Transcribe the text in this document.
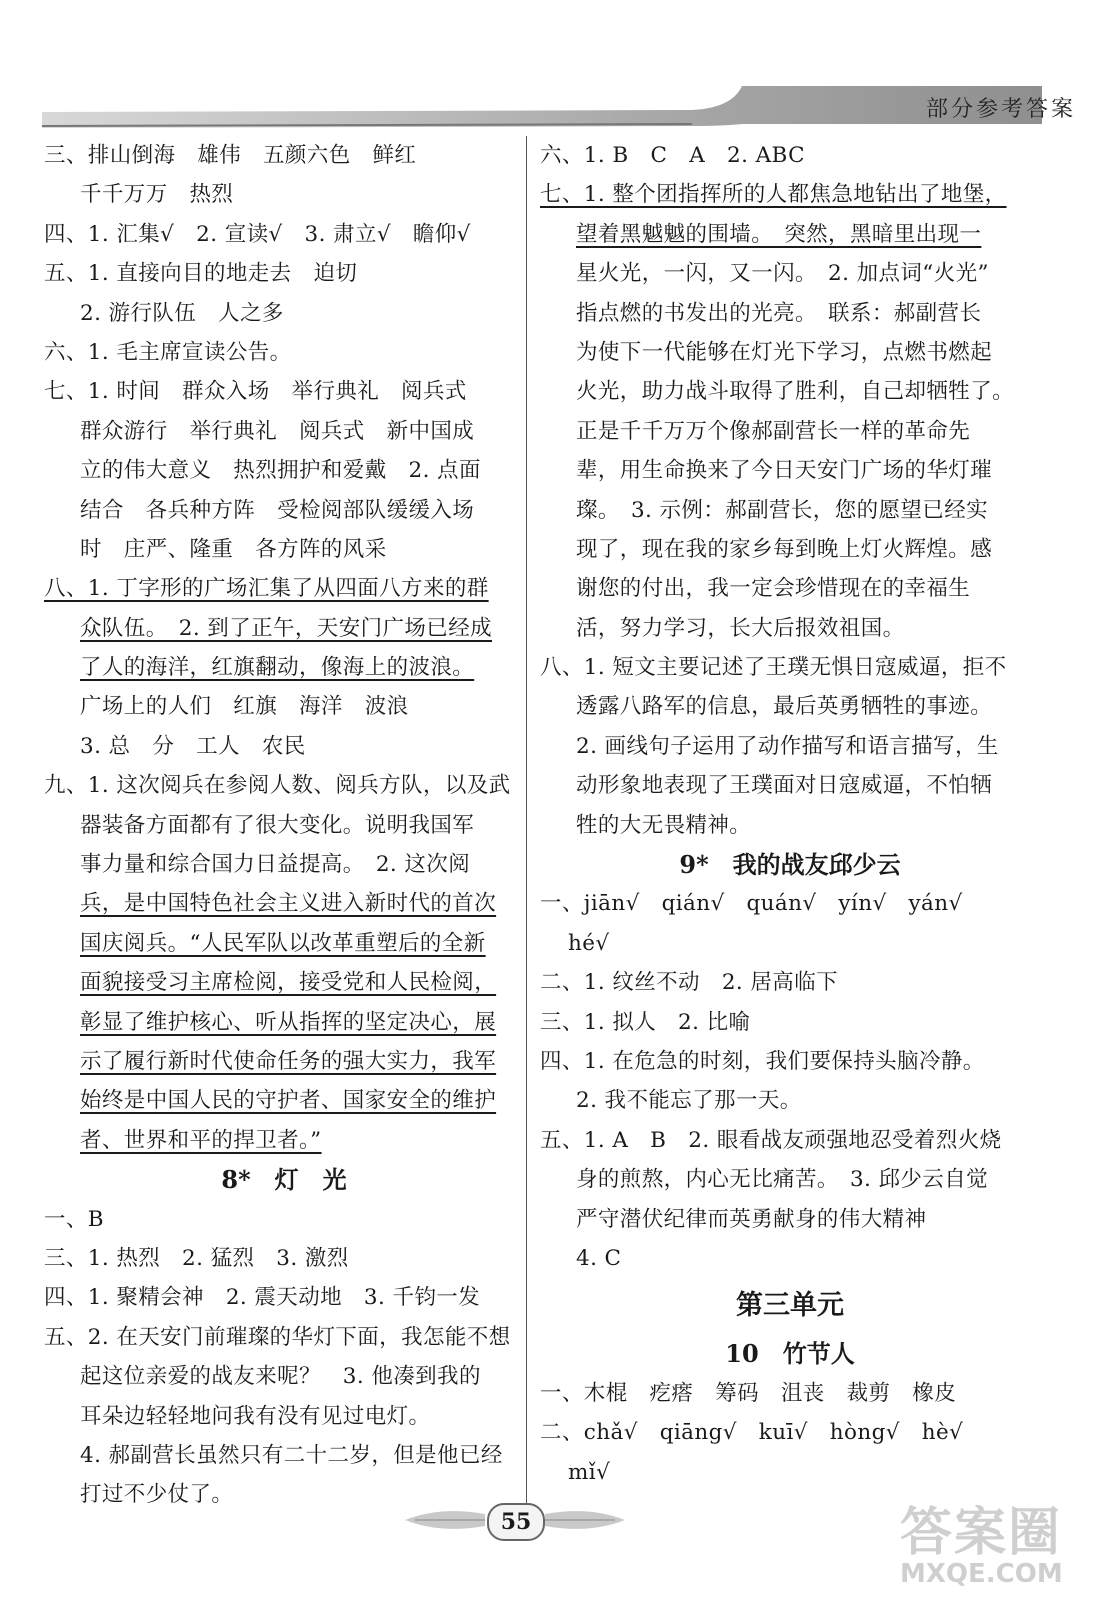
部分参考答案
三、排山倒海　雄伟　五颜六色　鲜红
千千万万　热烈
四、1. 汇集√　2. 宣读√　3. 肃立√　瞻仰√
五、1. 直接向目的地走去　迫切
2. 游行队伍　人之多
六、1. 毛主席宣读公告。
七、1. 时间　群众入场　举行典礼　阅兵式
群众游行　举行典礼　阅兵式　新中国成
立的伟大意义　热烈拥护和爱戴　2. 点面
结合　各兵种方阵　受检阅部队缓缓入场
时　庄严、隆重　各方阵的风采
八、1. 丁字形的广场汇集了从四面八方来的群
众队伍。　2. 到了正午，天安门广场已经成
了人的海洋，红旗翻动，像海上的波浪。
广场上的人们　红旗　海洋　波浪
3. 总　分　工人　农民
九、1. 这次阅兵在参阅人数、阅兵方队，以及武
器装备方面都有了很大变化。说明我国军
事力量和综合国力日益提高。　2. 这次阅
兵，是中国特色社会主义进入新时代的首次
国庆阅兵。“人民军队以改革重塑后的全新
面貌接受习主席检阅，接受党和人民检阅，
彰显了维护核心、听从指挥的坚定决心，展
示了履行新时代使命任务的强大实力，我军
始终是中国人民的守护者、国家安全的维护
者、世界和平的捍卫者。”
8*　灯　光
一、B
三、1. 热烈　2. 猛烈　3. 激烈
四、1. 聚精会神　2. 震天动地　3. 千钧一发
五、2. 在天安门前璀璨的华灯下面，我怎能不想
起这位亲爱的战友来呢？　3. 他凑到我的
耳朵边轻轻地问我有没有见过电灯。
4. 郝副营长虽然只有二十二岁，但是他已经
打过不少仗了。
六、1. B　C　A　2. ABC
七、1. 整个团指挥所的人都焦急地钻出了地堡，
望着黑魆魆的围墙。　突然，黑暗里出现一
星火光，一闪，又一闪。　2. 加点词“火光”
指点燃的书发出的光亮。　联系：郝副营长
为使下一代能够在灯光下学习，点燃书燃起
火光，助力战斗取得了胜利，自己却牺牲了。
正是千千万万个像郝副营长一样的革命先
辈，用生命换来了今日天安门广场的华灯璀
璨。　3. 示例：郝副营长，您的愿望已经实
现了，现在我的家乡每到晚上灯火辉煌。感
谢您的付出，我一定会珍惜现在的幸福生
活，努力学习，长大后报效祖国。
八、1. 短文主要记述了王璞无惧日寇威逼，拒不
透露八路军的信息，最后英勇牺牲的事迹。
2. 画线句子运用了动作描写和语言描写，生
动形象地表现了王璞面对日寇威逼，不怕牺
牲的大无畏精神。
9*　我的战友邱少云
一、jiān√　qián√　quán√　yín√　yán√
hé√
二、1. 纹丝不动　2. 居高临下
三、1. 拟人　2. 比喻
四、1. 在危急的时刻，我们要保持头脑冷静。
2. 我不能忘了那一天。
五、1. A　B　2. 眼看战友顽强地忍受着烈火烧
身的煎熬，内心无比痛苦。　3. 邱少云自觉
严守潜伏纪律而英勇献身的伟大精神
4. C
第三单元
10　竹节人
一、木棍　疙瘩　筹码　沮丧　裁剪　橡皮
二、chǎ√　qiāng√　kuī√　hòng√　hè√
mǐ√
55	答案圈
MXQE.COM
